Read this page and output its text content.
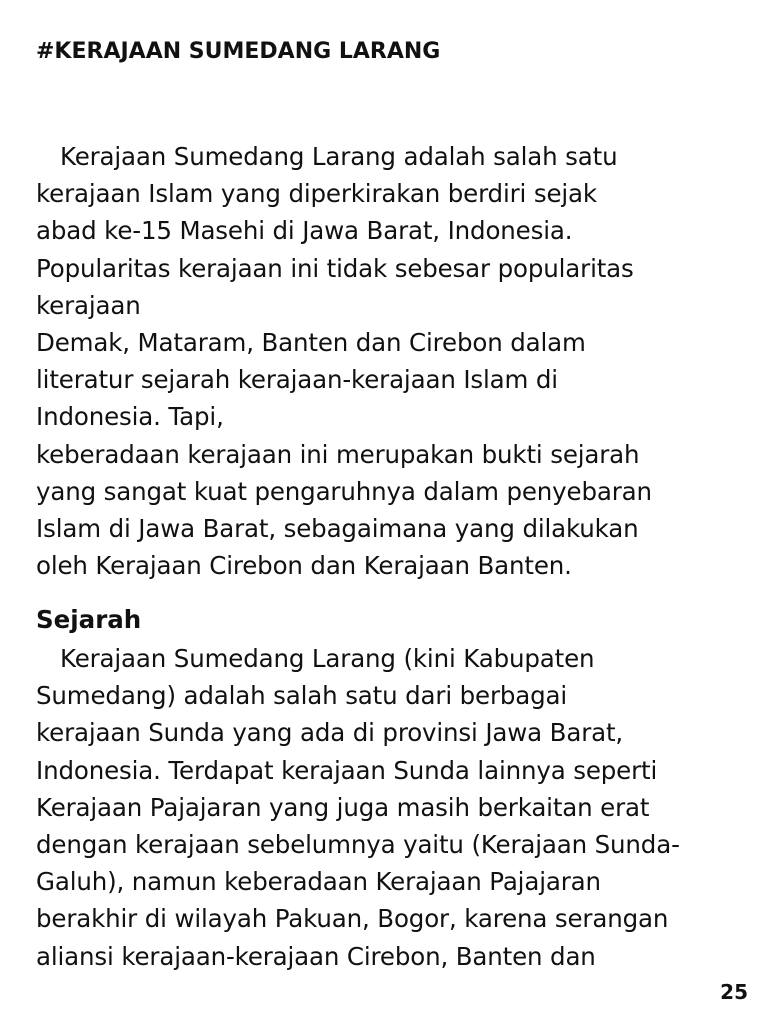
#KERAJAAN SUMEDANG LARANG
Kerajaan Sumedang Larang adalah salah satu
kerajaan Islam yang diperkirakan berdiri sejak
abad ke-15 Masehi di Jawa Barat, Indonesia.
Popularitas kerajaan ini tidak sebesar popularitas
kerajaan
Demak, Mataram, Banten dan Cirebon dalam
literatur sejarah kerajaan-kerajaan Islam di
Indonesia. Tapi,
keberadaan kerajaan ini merupakan bukti sejarah
yang sangat kuat pengaruhnya dalam penyebaran
Islam di Jawa Barat, sebagaimana yang dilakukan
oleh Kerajaan Cirebon dan Kerajaan Banten.
Sejarah
Kerajaan Sumedang Larang (kini Kabupaten
Sumedang) adalah salah satu dari berbagai
kerajaan Sunda yang ada di provinsi Jawa Barat,
Indonesia. Terdapat kerajaan Sunda lainnya seperti
Kerajaan Pajajaran yang juga masih berkaitan erat
dengan kerajaan sebelumnya yaitu (Kerajaan Sunda-
Galuh), namun keberadaan Kerajaan Pajajaran
berakhir di wilayah Pakuan, Bogor, karena serangan
aliansi kerajaan-kerajaan Cirebon, Banten dan
25
